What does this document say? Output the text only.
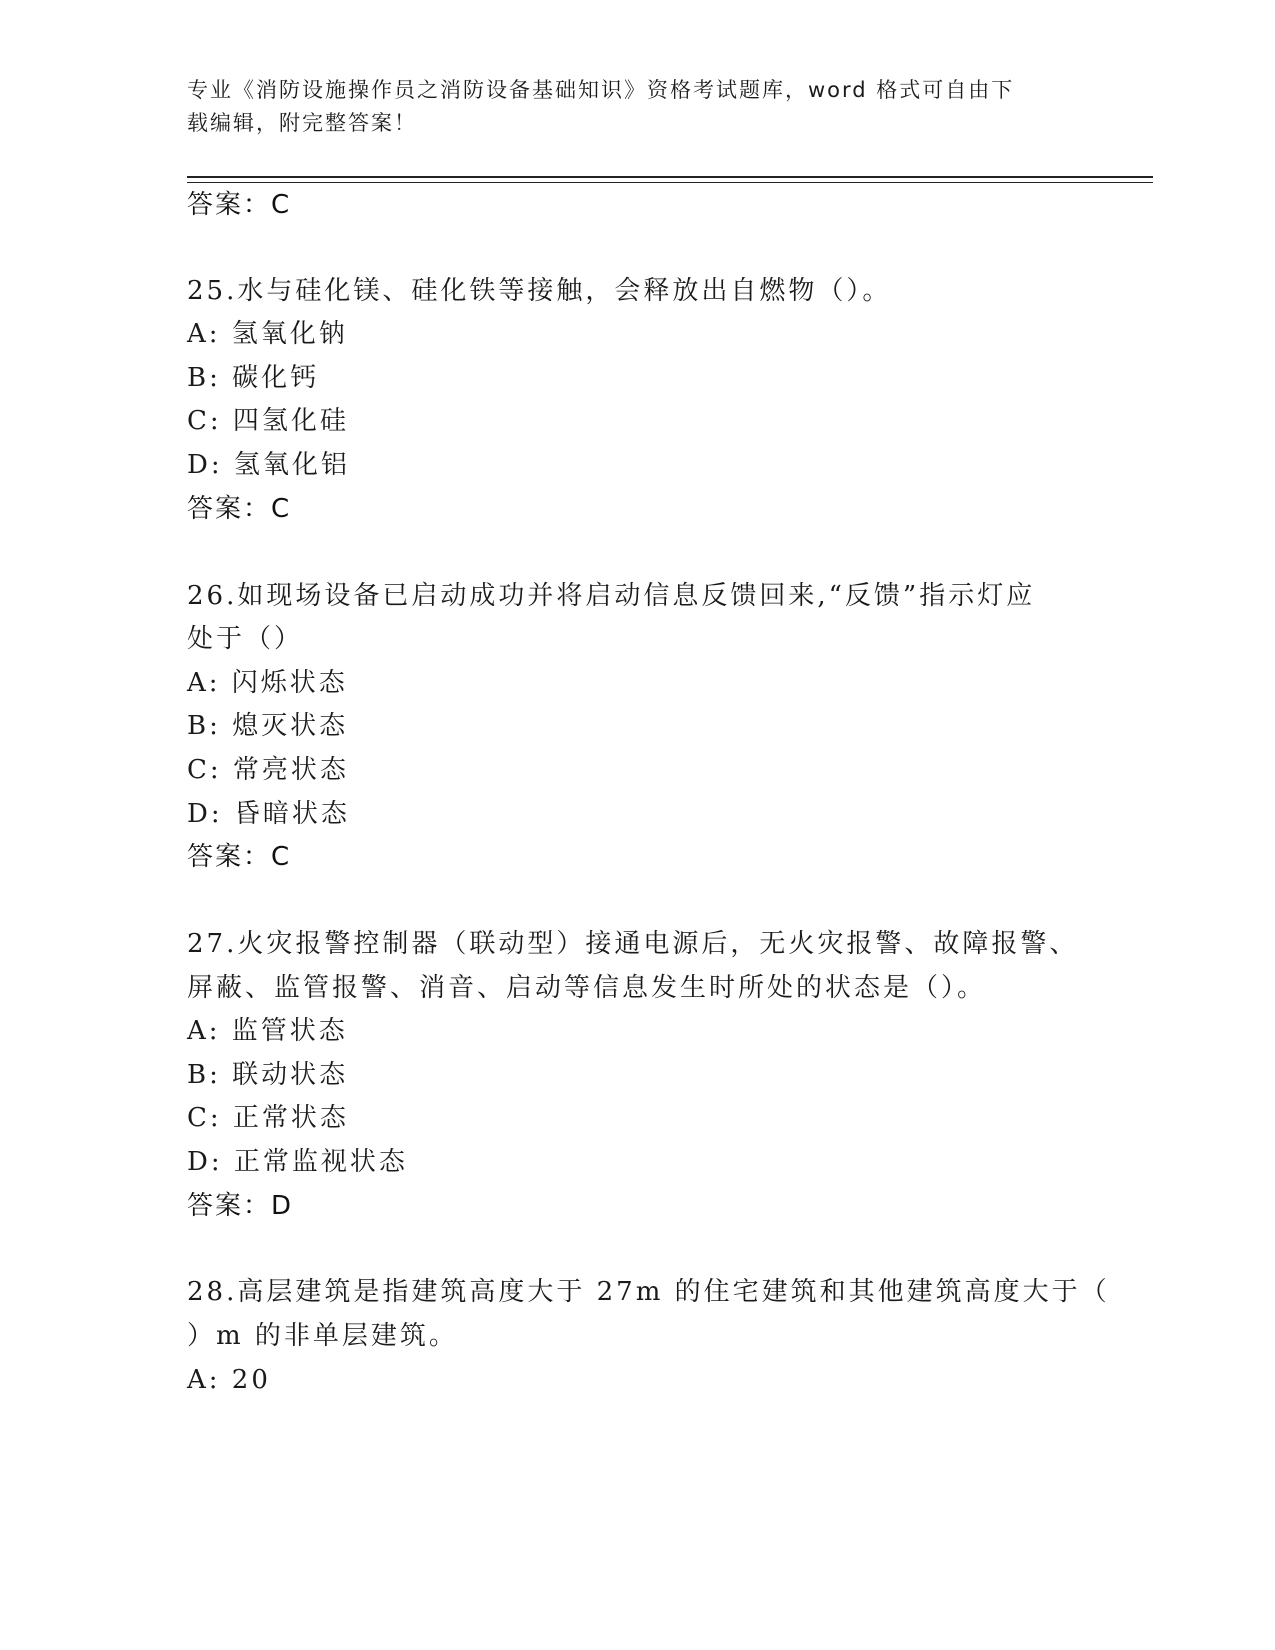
专业《消防设施操作员之消防设备基础知识》资格考试题库，word 格式可自由下
载编辑，附完整答案！
答案：C
25.水与硅化镁、硅化铁等接触，会释放出自燃物（）。
A: 氢氧化钠
B: 碳化钙
C: 四氢化硅
D: 氢氧化铝
答案：C
26.如现场设备已启动成功并将启动信息反馈回来,“反馈”指示灯应
处于（）
A: 闪烁状态
B: 熄灭状态
C: 常亮状态
D: 昏暗状态
答案：C
27.火灾报警控制器（联动型）接通电源后，无火灾报警、故障报警、
屏蔽、监管报警、消音、启动等信息发生时所处的状态是（）。
A: 监管状态
B: 联动状态
C: 正常状态
D: 正常监视状态
答案：D
28.高层建筑是指建筑高度大于 27m 的住宅建筑和其他建筑高度大于（
）m 的非单层建筑。
A: 20
